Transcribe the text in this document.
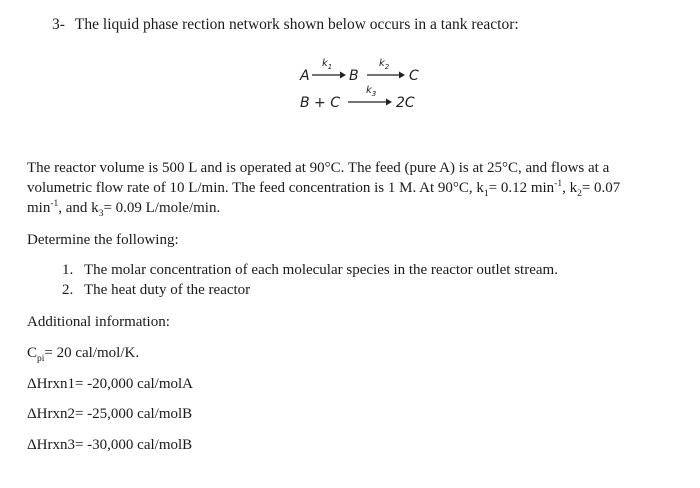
3- The liquid phase rection network shown below occurs in a tank reactor:
A
$k_1$
B
$k_2$
C
B + C
$k_3$
2C
The reactor volume is 500 L and is operated at 90°C. The feed (pure A) is at 25°C, and flows at a
volumetric flow rate of 10 L/min. The feed concentration is 1 M. At 90°C, $k_1= 0.12$ $\min^{-1}$, $k_2= 0.07$
$\min^{-1}$, and $k_3= 0.09$ L/mole/min.
Determine the following:
1. The molar concentration of each molecular species in the reactor outlet stream.
2. The heat duty of the reactor
Additional information:
$C_{pi}= 20$ cal/mol/K.
ΔHrxn1= -20,000 cal/molA
ΔHrxn2= -25,000 cal/molB
ΔHrxn3= -30,000 cal/molB
